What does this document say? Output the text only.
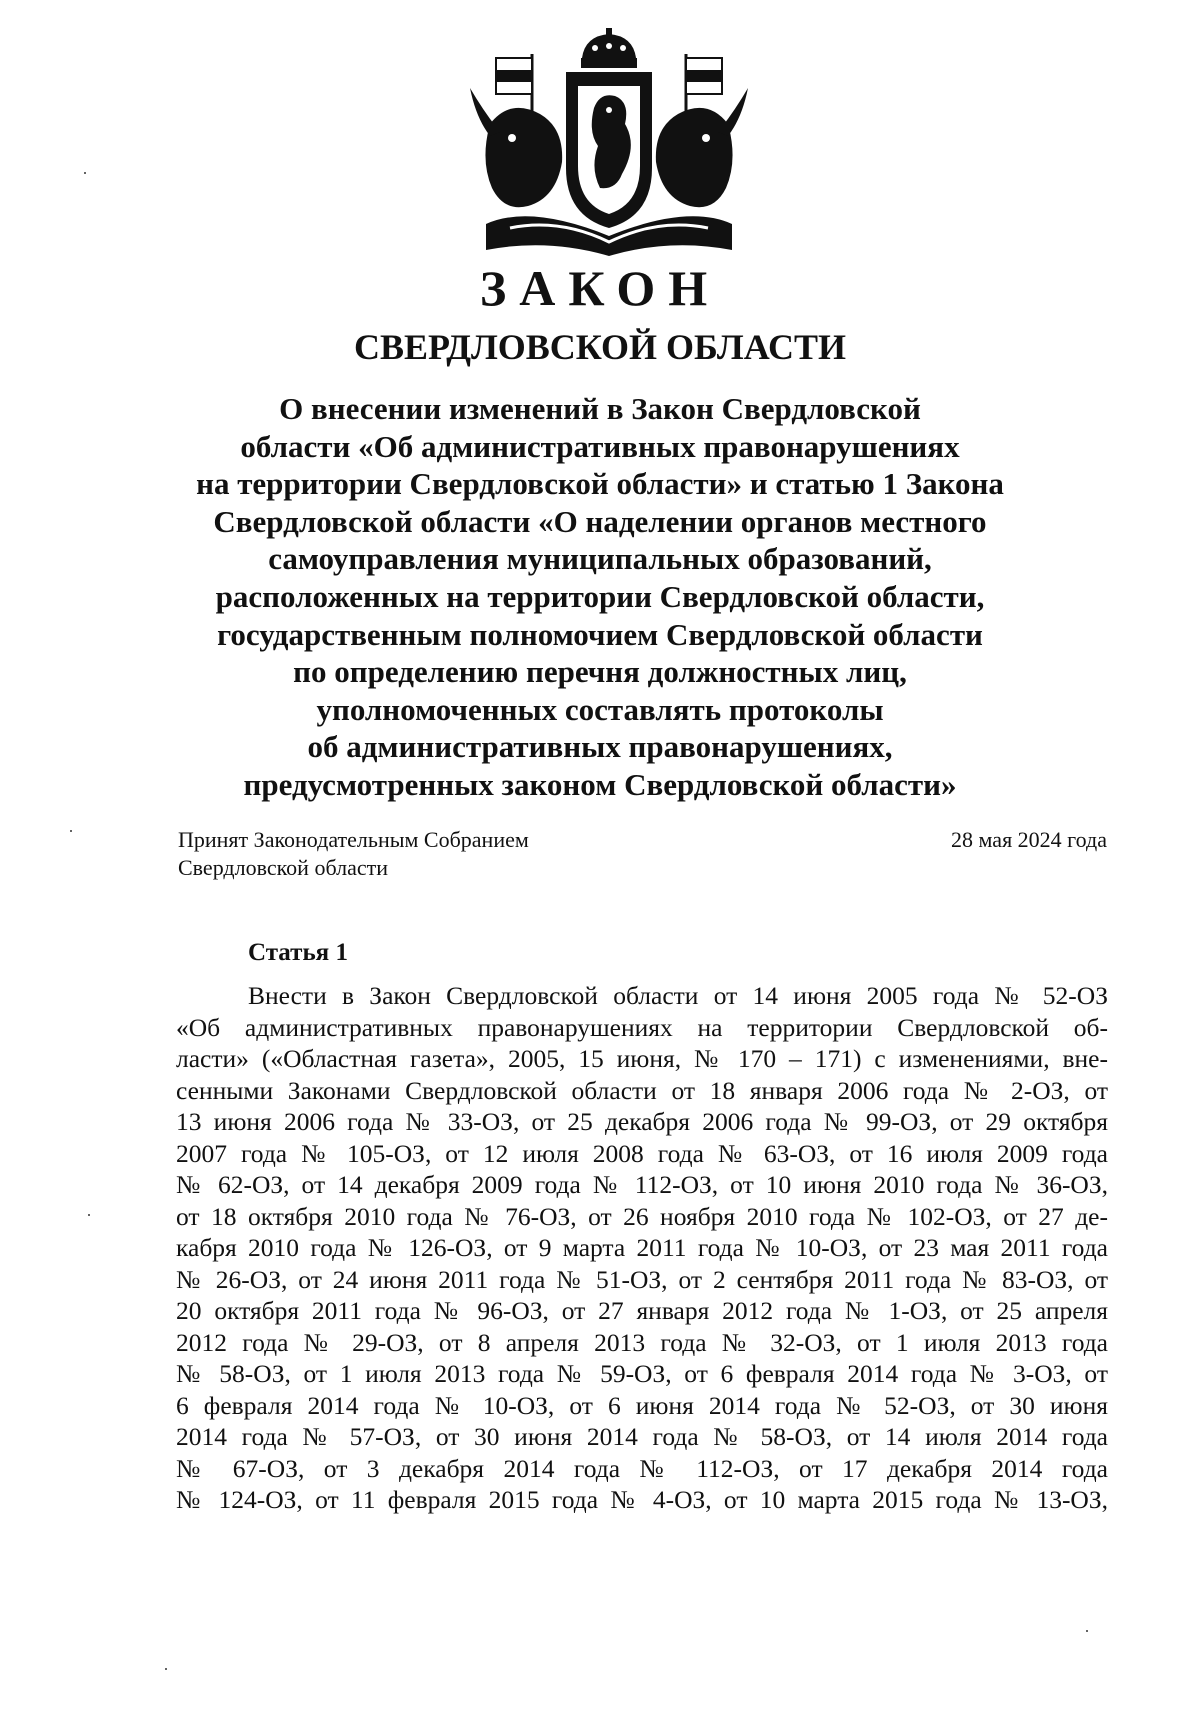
ЗАКОН
СВЕРДЛОВСКОЙ ОБЛАСТИ
О внесении изменений в Закон Свердловской
области «Об административных правонарушениях
на территории Свердловской области» и статью 1 Закона
Свердловской области «О наделении органов местного
самоуправления муниципальных образований,
расположенных на территории Свердловской области,
государственным полномочием Свердловской области
по определению перечня должностных лиц,
уполномоченных составлять протоколы
об административных правонарушениях,
предусмотренных законом Свердловской области»
Принят Законодательным Собранием
Свердловской области
28 мая 2024 года
Статья 1
Внести в Закон Свердловской области от 14 июня 2005 года № 52-ОЗ
«Об административных правонарушениях на территории Свердловской об-
ласти» («Областная газета», 2005, 15 июня, № 170 – 171) с изменениями, вне-
сенными Законами Свердловской области от 18 января 2006 года № 2-ОЗ, от
13 июня 2006 года № 33-ОЗ, от 25 декабря 2006 года № 99-ОЗ, от 29 октября
2007 года № 105-ОЗ, от 12 июля 2008 года № 63-ОЗ, от 16 июля 2009 года
№ 62-ОЗ, от 14 декабря 2009 года № 112-ОЗ, от 10 июня 2010 года № 36-ОЗ,
от 18 октября 2010 года № 76-ОЗ, от 26 ноября 2010 года № 102-ОЗ, от 27 де-
кабря 2010 года № 126-ОЗ, от 9 марта 2011 года № 10-ОЗ, от 23 мая 2011 года
№ 26-ОЗ, от 24 июня 2011 года № 51-ОЗ, от 2 сентября 2011 года № 83-ОЗ, от
20 октября 2011 года № 96-ОЗ, от 27 января 2012 года № 1-ОЗ, от 25 апреля
2012 года № 29-ОЗ, от 8 апреля 2013 года № 32-ОЗ, от 1 июля 2013 года
№ 58-ОЗ, от 1 июля 2013 года № 59-ОЗ, от 6 февраля 2014 года № 3-ОЗ, от
6 февраля 2014 года № 10-ОЗ, от 6 июня 2014 года № 52-ОЗ, от 30 июня
2014 года № 57-ОЗ, от 30 июня 2014 года № 58-ОЗ, от 14 июля 2014 года
№ 67-ОЗ, от 3 декабря 2014 года № 112-ОЗ, от 17 декабря 2014 года
№ 124-ОЗ, от 11 февраля 2015 года № 4-ОЗ, от 10 марта 2015 года № 13-ОЗ,
